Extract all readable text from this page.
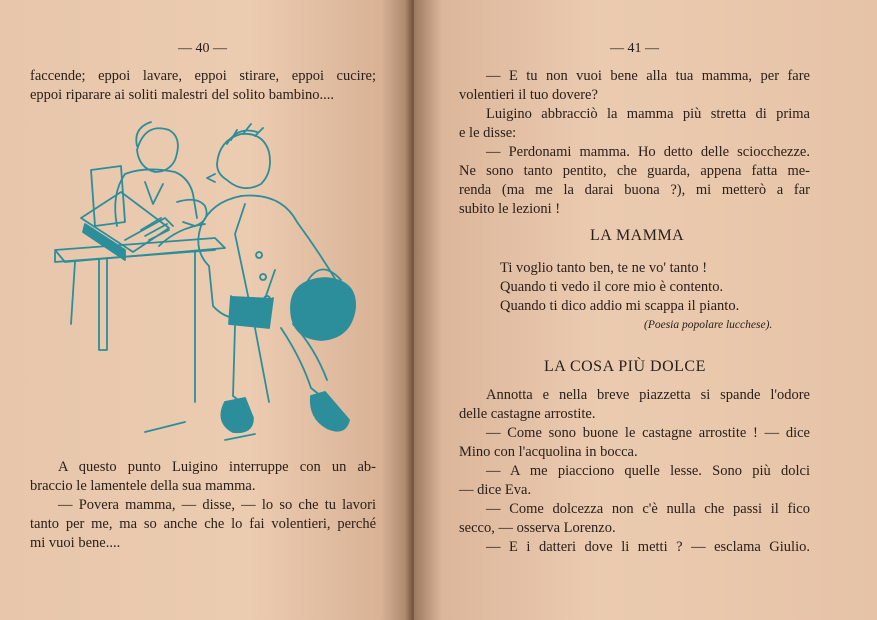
— 40 —
faccende; eppoi lavare, eppoi stirare, eppoi cucire;
eppoi riparare ai soliti malestri del solito bambino....
A questo punto Luigino interruppe con un ab-
braccio le lamentele della sua mamma.
— Povera mamma, — disse, — lo so che tu lavori
tanto per me, ma so anche che lo fai volentieri, perché
mi vuoi bene....
— 41 —
— E tu non vuoi bene alla tua mamma, per fare
volentieri il tuo dovere?
Luigino abbracciò la mamma più stretta di prima
e le disse:
— Perdonami mamma. Ho detto delle sciocchezze.
Ne sono tanto pentito, che guarda, appena fatta me-
renda (ma me la darai buona ?), mi metterò a far
subito le lezioni !
LA MAMMA
Ti voglio tanto ben, te ne vo' tanto !
Quando ti vedo il core mio è contento.
Quando ti dico addio mi scappa il pianto.
(Poesia popolare lucchese).
LA COSA PIÙ DOLCE
Annotta e nella breve piazzetta si spande l'odore
delle castagne arrostite.
— Come sono buone le castagne arrostite ! — dice
Mino con l'acquolina in bocca.
— A me piacciono quelle lesse. Sono più dolci
— dice Eva.
— Come dolcezza non c'è nulla che passi il fico
secco, — osserva Lorenzo.
— E i datteri dove li metti ? — esclama Giulio.
